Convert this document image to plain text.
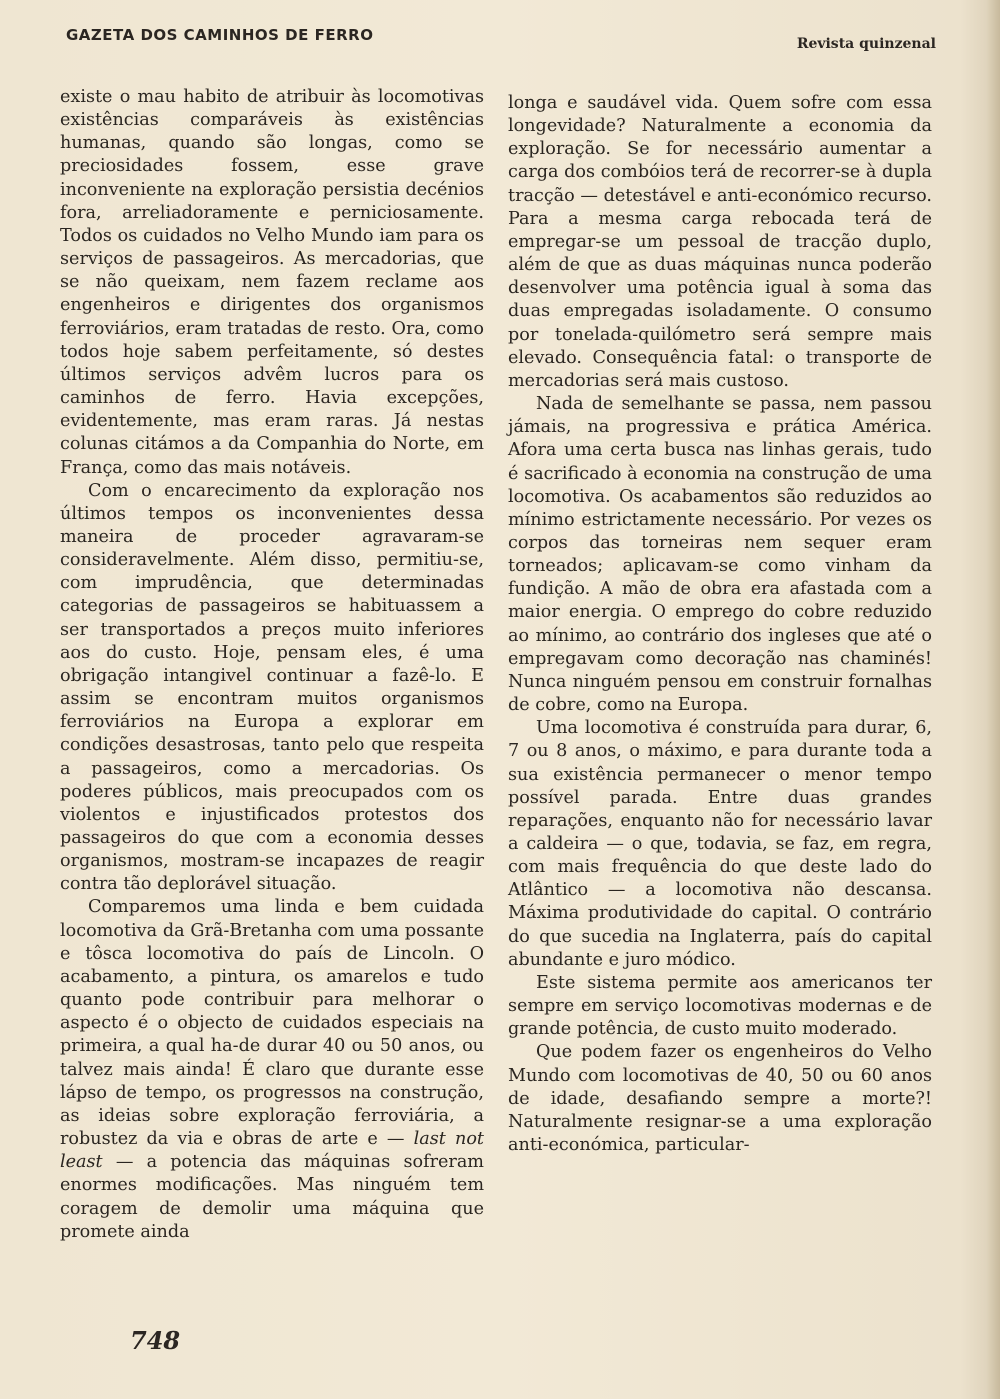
GAZETA DOS CAMINHOS DE FERRO	Revista quinzenal

existe o mau habito de atribuir às locomotivas existências comparáveis às existências humanas, quando são longas, como se preciosidades fossem, esse grave inconveniente na exploração persistia decénios fora, arreliadoramente e perniciosamente. Todos os cuidados no Velho Mundo iam para os serviços de passageiros. As mercadorias, que se não queixam, nem fazem reclame aos engenheiros e dirigentes dos organismos ferroviários, eram tratadas de resto. Ora, como todos hoje sabem perfeitamente, só destes últimos serviços advêm lucros para os caminhos de ferro. Havia excepções, evidentemente, mas eram raras. Já nestas colunas citámos a da Companhia do Norte, em França, como das mais notáveis.

Com o encarecimento da exploração nos últimos tempos os inconvenientes dessa maneira de proceder agravaram-se consideravelmente. Além disso, permitiu-se, com imprudência, que determinadas categorias de passageiros se habituassem a ser transportados a preços muito inferiores aos do custo. Hoje, pensam eles, é uma obrigação intangivel continuar a fazê-lo. E assim se encontram muitos organismos ferroviários na Europa a explorar em condições desastrosas, tanto pelo que respeita a passageiros, como a mercadorias. Os poderes públicos, mais preocupados com os violentos e injustificados protestos dos passageiros do que com a economia desses organismos, mostram-se incapazes de reagir contra tão deplorável situação.

Comparemos uma linda e bem cuidada locomotiva da Grã-Bretanha com uma possante e tôsca locomotiva do país de Lincoln. O acabamento, a pintura, os amarelos e tudo quanto pode contribuir para melhorar o aspecto é o objecto de cuidados especiais na primeira, a qual ha-de durar 40 ou 50 anos, ou talvez mais ainda! É claro que durante esse lápso de tempo, os progressos na construção, as ideias sobre exploração ferroviária, a robustez da via e obras de arte e — last not least — a potencia das máquinas sofreram enormes modificações. Mas ninguém tem coragem de demolir uma máquina que promete ainda

longa e saudável vida. Quem sofre com essa longevidade? Naturalmente a economia da exploração. Se for necessário aumentar a carga dos combóios terá de recorrer-se à dupla tracção — detestável e anti-económico recurso. Para a mesma carga rebocada terá de empregar-se um pessoal de tracção duplo, além de que as duas máquinas nunca poderão desenvolver uma potência igual à soma das duas empregadas isoladamente. O consumo por tonelada-quilómetro será sempre mais elevado. Consequência fatal: o transporte de mercadorias será mais custoso.

Nada de semelhante se passa, nem passou jámais, na progressiva e prática América. Afora uma certa busca nas linhas gerais, tudo é sacrificado à economia na construção de uma locomotiva. Os acabamentos são reduzidos ao mínimo estrictamente necessário. Por vezes os corpos das torneiras nem sequer eram torneados; aplicavam-se como vinham da fundição. A mão de obra era afastada com a maior energia. O emprego do cobre reduzido ao mínimo, ao contrário dos ingleses que até o empregavam como decoração nas chaminés! Nunca ninguém pensou em construir fornalhas de cobre, como na Europa.

Uma locomotiva é construída para durar, 6, 7 ou 8 anos, o máximo, e para durante toda a sua existência permanecer o menor tempo possível parada. Entre duas grandes reparações, enquanto não for necessário lavar a caldeira — o que, todavia, se faz, em regra, com mais frequência do que deste lado do Atlântico — a locomotiva não descansa. Máxima produtividade do capital. O contrário do que sucedia na Inglaterra, país do capital abundante e juro módico.

Este sistema permite aos americanos ter sempre em serviço locomotivas modernas e de grande potência, de custo muito moderado.

Que podem fazer os engenheiros do Velho Mundo com locomotivas de 40, 50 ou 60 anos de idade, desafiando sempre a morte?! Naturalmente resignar-se a uma exploração anti-económica, particular-

748
